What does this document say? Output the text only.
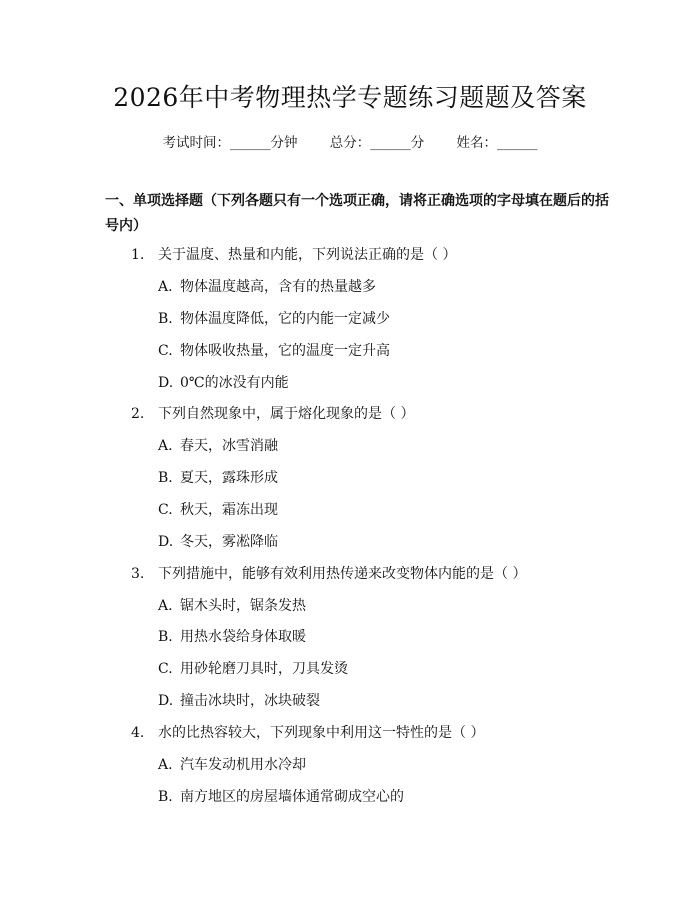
2026年中考物理热学专题练习题题及答案
考试时间：______分钟 总分：______分 姓名：______
一、单项选择题（下列各题只有一个选项正确，请将正确选项的字母填在题后的括号内）
1. 关于温度、热量和内能，下列说法正确的是（ ）
A. 物体温度越高，含有的热量越多
B. 物体温度降低，它的内能一定减少
C. 物体吸收热量，它的温度一定升高
D. 0℃的冰没有内能
2. 下列自然现象中，属于熔化现象的是（ ）
A. 春天，冰雪消融
B. 夏天，露珠形成
C. 秋天，霜冻出现
D. 冬天，雾凇降临
3. 下列措施中，能够有效利用热传递来改变物体内能的是（ ）
A. 锯木头时，锯条发热
B. 用热水袋给身体取暖
C. 用砂轮磨刀具时，刀具发烫
D. 撞击冰块时，冰块破裂
4. 水的比热容较大，下列现象中利用这一特性的是（ ）
A. 汽车发动机用水冷却
B. 南方地区的房屋墙体通常砌成空心的
